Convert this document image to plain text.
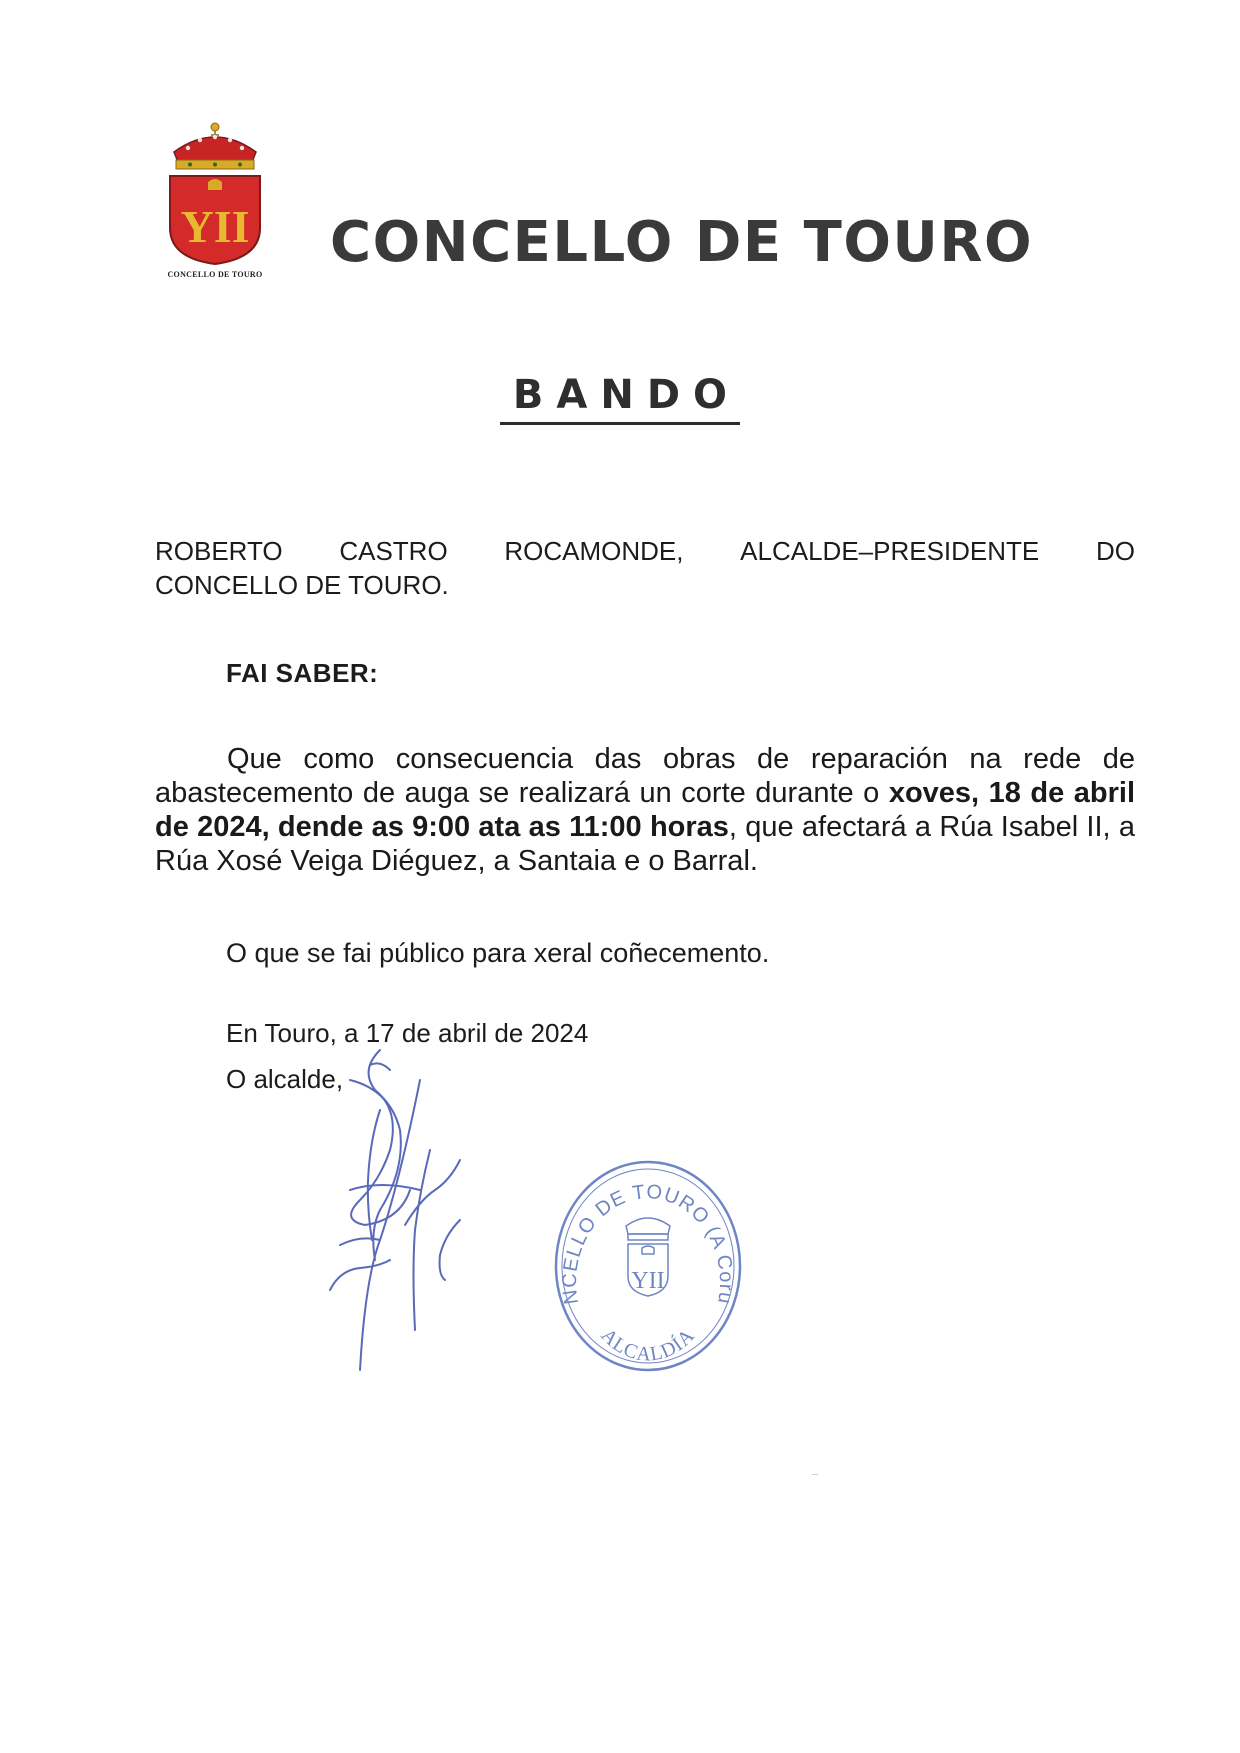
YII
CONCELLO DE TOURO CONCELLO DE TOURO
BANDO
ROBERTO CASTRO ROCAMONDE, ALCALDE–PRESIDENTE DO
CONCELLO DE TOURO.
FAI SABER:
Que como consecuencia das obras de reparación na rede de abastecemento de auga se realizará un corte durante o xoves, 18 de abril de 2024, dende as 9:00 ata as 11:00 horas, que afectará a Rúa Isabel II, a Rúa Xosé Veiga Diéguez, a Santaia e o Barral.
O que se fai público para xeral coñecemento.
En Touro, a 17 de abril de 2024
O alcalde,
NCELLO DE TOURO (A Coru
ALCALDÍA
YII
